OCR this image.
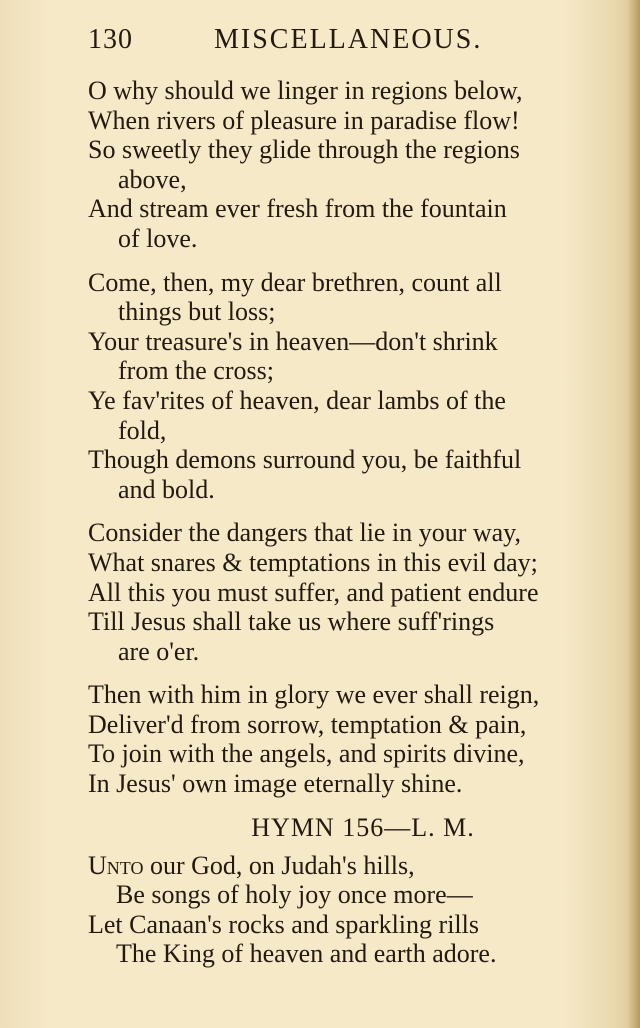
130	MISCELLANEOUS.
O why should we linger in regions below,
When rivers of pleasure in paradise flow!
So sweetly they glide through the regions
above,
And stream ever fresh from the fountain
of love.
Come, then, my dear brethren, count all
things but loss;
Your treasure's in heaven—don't shrink
from the cross;
Ye fav'rites of heaven, dear lambs of the
fold,
Though demons surround you, be faithful
and bold.
Consider the dangers that lie in your way,
What snares & temptations in this evil day;
All this you must suffer, and patient endure
Till Jesus shall take us where suff'rings
are o'er.
Then with him in glory we ever shall reign,
Deliver'd from sorrow, temptation & pain,
To join with the angels, and spirits divine,
In Jesus' own image eternally shine.
HYMN 156—L. M.
Unto our God, on Judah's hills,
Be songs of holy joy once more—
Let Canaan's rocks and sparkling rills
The King of heaven and earth adore.
